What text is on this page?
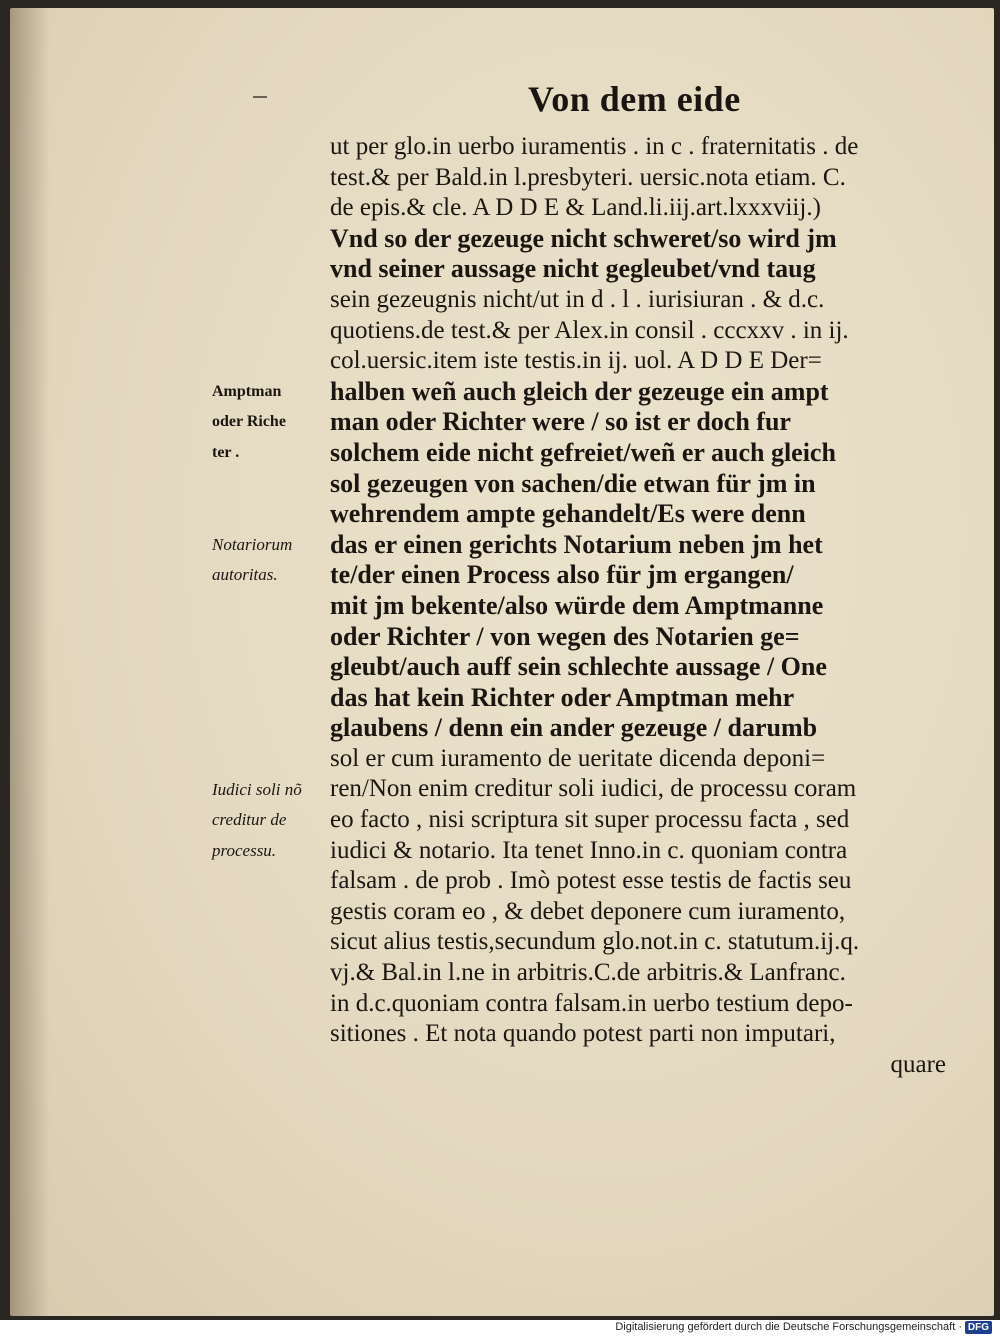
Von dem eide
ut per glo.in uerbo iuramentis . in c . fraternitatis . de
test.& per Bald.in l.presbyteri. uersic.nota etiam. C.
de epis.& cle. A D D E & Land.li.iij.art.lxxxviij.)
Vnd so der gezeuge nicht schweret/so wird jm
vnd seiner aussage nicht gegleubet/vnd taug
sein gezeugnis nicht/ut in d . l . iurisiuran . & d.c.
quotiens.de test.& per Alex.in consil . cccxxv . in ij.
col.uersic.item iste testis.in ij. uol. A D D E Der=
halben weñ auch gleich der gezeuge ein ampt
man oder Richter were / so ist er doch fur
solchem eide nicht gefreiet/weñ er auch gleich
sol gezeugen von sachen/die etwan für jm in
wehrendem ampte gehandelt/Es were denn
das er einen gerichts Notarium neben jm het
te/der einen Process also für jm ergangen/
mit jm bekente/also würde dem Amptmanne
oder Richter / von wegen des Notarien ge=
gleubt/auch auff sein schlechte aussage / One
das hat kein Richter oder Amptman mehr
glaubens / denn ein ander gezeuge / darumb
sol er cum iuramento de ueritate dicenda deponi=
ren/Non enim creditur soli iudici, de processu coram
eo facto , nisi scriptura sit super processu facta , sed
iudici & notario. Ita tenet Inno.in c. quoniam contra
falsam . de prob . Imò potest esse testis de factis seu
gestis coram eo , & debet deponere cum iuramento,
sicut alius testis,secundum glo.not.in c. statutum.ij.q.
vj.& Bal.in l.ne in arbitris.C.de arbitris.& Lanfranc.
in d.c.quoniam contra falsam.in uerbo testium depo-
sitiones . Et nota quando potest parti non imputari,
quare
Amptman
oder Riche
ter .
Notariorum
autoritas.
Iudici soli nõ
creditur de
processu.
Digitalisierung gefördert durch die Deutsche Forschungsgemeinschaft · DFG
